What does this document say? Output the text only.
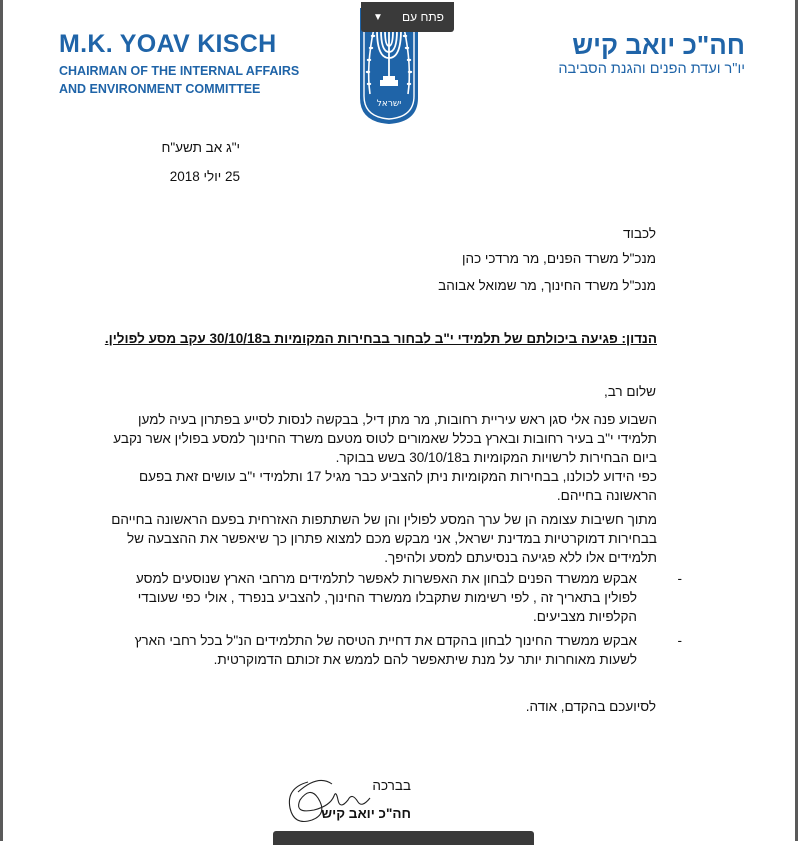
M.K. YOAV KISCH
CHAIRMAN OF THE INTERNAL AFFAIRS
AND ENVIRONMENT COMMITTEE
חה"כ יואב קיש
יו"ר ועדת הפנים והגנת הסביבה
ישראל
▼ פתח עם
י"ג אב תשע"ח
25 יולי 2018
לכבוד
מנכ"ל משרד הפנים, מר מרדכי כהן
מנכ"ל משרד החינוך, מר שמואל אבוהב
הנדון: פגיעה ביכולתם של תלמידי י"ב לבחור בבחירות המקומיות ב30/10/18 עקב מסע לפולין.
שלום רב,
השבוע פנה אלי סגן ראש עיריית רחובות, מר מתן דיל, בבקשה לנסות לסייע בפתרון בעיה למען תלמידי י"ב בעיר רחובות ובארץ בכלל שאמורים לטוס מטעם משרד החינוך למסע בפולין אשר נקבע ביום הבחירות לרשויות המקומיות ב30/10/18 בשש בבוקר.
כפי הידוע לכולנו, בבחירות המקומיות ניתן להצביע כבר מגיל 17 ותלמידי י"ב עושים זאת בפעם הראשונה בחייהם.
מתוך חשיבות עצומה הן של ערך המסע לפולין והן של השתתפות האזרחית בפעם הראשונה בחייהם בבחירות דמוקרטיות במדינת ישראל, אני מבקש מכם למצוא פתרון כך שיאפשר את ההצבעה של תלמידים אלו ללא פגיעה בנסיעתם למסע ולהיפך.
-
אבקש ממשרד הפנים לבחון את האפשרות לאפשר לתלמידים מרחבי הארץ שנוסעים למסע לפולין בתאריך זה , לפי רשימות שתקבלו ממשרד החינוך, להצביע בנפרד , אולי כפי שעובדי הקלפיות מצביעים.
-
אבקש ממשרד החינוך לבחון בהקדם את דחיית הטיסה של התלמידים הנ"ל בכל רחבי הארץ לשעות מאוחרות יותר על מנת שיתאפשר להם לממש את זכותם הדמוקרטית.
לסיועכם בהקדם, אודה.
בברכה
חה"כ יואב קיש
